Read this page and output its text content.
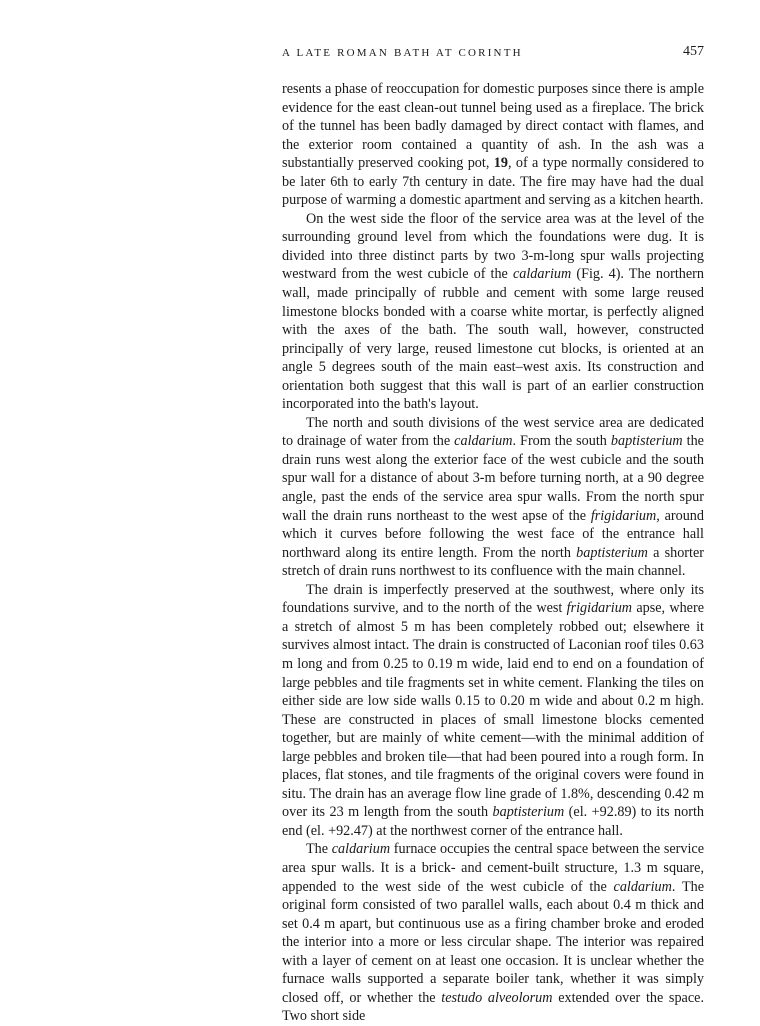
A LATE ROMAN BATH AT CORINTH	457

resents a phase of reoccupation for domestic purposes since there is ample evidence for the east clean-out tunnel being used as a fireplace. The brick of the tunnel has been badly damaged by direct contact with flames, and the exterior room contained a quantity of ash. In the ash was a substantially preserved cooking pot, 19, of a type normally considered to be later 6th to early 7th century in date. The fire may have had the dual purpose of warming a domestic apartment and serving as a kitchen hearth.

On the west side the floor of the service area was at the level of the surrounding ground level from which the foundations were dug. It is divided into three distinct parts by two 3-m-long spur walls projecting westward from the west cubicle of the caldarium (Fig. 4). The northern wall, made principally of rubble and cement with some large reused limestone blocks bonded with a coarse white mortar, is perfectly aligned with the axes of the bath. The south wall, however, constructed principally of very large, reused limestone cut blocks, is oriented at an angle 5 degrees south of the main east–west axis. Its construction and orientation both suggest that this wall is part of an earlier construction incorporated into the bath's layout.

The north and south divisions of the west service area are dedicated to drainage of water from the caldarium. From the south baptisterium the drain runs west along the exterior face of the west cubicle and the south spur wall for a distance of about 3-m before turning north, at a 90 degree angle, past the ends of the service area spur walls. From the north spur wall the drain runs northeast to the west apse of the frigidarium, around which it curves before following the west face of the entrance hall northward along its entire length. From the north baptisterium a shorter stretch of drain runs northwest to its confluence with the main channel.

The drain is imperfectly preserved at the southwest, where only its foundations survive, and to the north of the west frigidarium apse, where a stretch of almost 5 m has been completely robbed out; elsewhere it survives almost intact. The drain is constructed of Laconian roof tiles 0.63 m long and from 0.25 to 0.19 m wide, laid end to end on a foundation of large pebbles and tile fragments set in white cement. Flanking the tiles on either side are low side walls 0.15 to 0.20 m wide and about 0.2 m high. These are constructed in places of small limestone blocks cemented together, but are mainly of white cement—with the minimal addition of large pebbles and broken tile—that had been poured into a rough form. In places, flat stones, and tile fragments of the original covers were found in situ. The drain has an average flow line grade of 1.8%, descending 0.42 m over its 23 m length from the south baptisterium (el. +92.89) to its north end (el. +92.47) at the northwest corner of the entrance hall.

The caldarium furnace occupies the central space between the service area spur walls. It is a brick- and cement-built structure, 1.3 m square, appended to the west side of the west cubicle of the caldarium. The original form consisted of two parallel walls, each about 0.4 m thick and set 0.4 m apart, but continuous use as a firing chamber broke and eroded the interior into a more or less circular shape. The interior was repaired with a layer of cement on at least one occasion. It is unclear whether the furnace walls supported a separate boiler tank, whether it was simply closed off, or whether the testudo alveolorum extended over the space. Two short side
